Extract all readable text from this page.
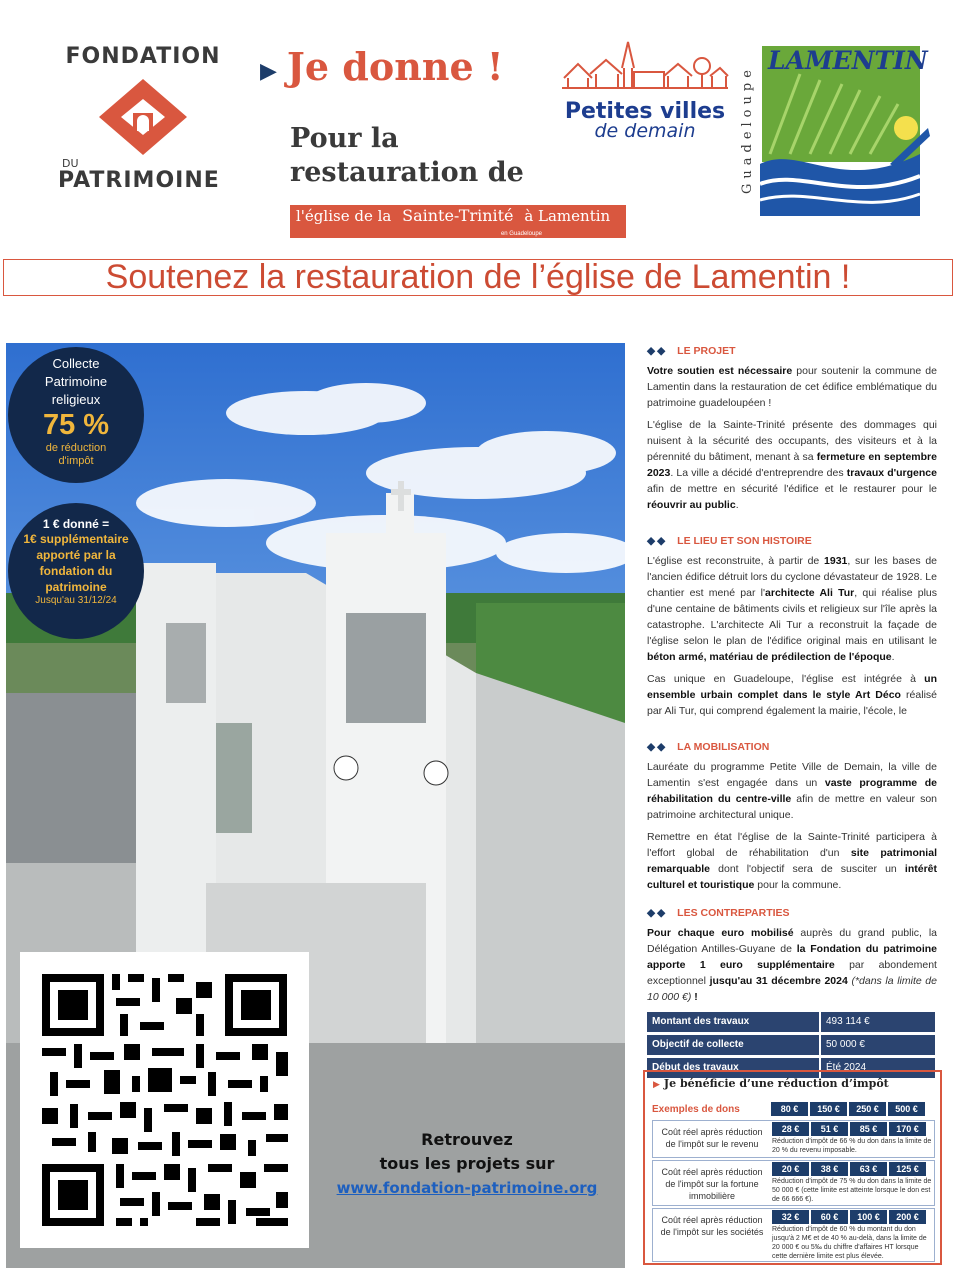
FONDATION
DU
PATRIMOINE
▶ Je donne !
Pour la
restauration de
l'église de la Sainte-Trinité à Lamentin
en Guadeloupe
Petites villes
de demain	Guadeloupe
LAMENTIN
Soutenez la restauration de l’église de Lamentin !
Collecte
Patrimoine
religieux
75 %
de réduction
d'impôt
1 € donné =
1€ supplémentaire
apporté par la
fondation du
patrimoine
Jusqu'au 31/12/24
Retrouvez
tous les projets sur
www.fondation-patrimoine.org
◆◆ LE PROJET

Votre soutien est nécessaire pour soutenir la commune de Lamentin dans la restauration de cet édifice emblématique du patrimoine guadeloupéen !

L'église de la Sainte-Trinité présente des dommages qui nuisent à la sécurité des occupants, des visiteurs et à la pérennité du bâtiment, menant à sa fermeture en septembre 2023. La ville a décidé d'entreprendre des travaux d'urgence afin de mettre en sécurité l'édifice et le restaurer pour le réouvrir au public.

◆◆ LE LIEU ET SON HISTOIRE

L'église est reconstruite, à partir de 1931, sur les bases de l'ancien édifice détruit lors du cyclone dévastateur de 1928. Le chantier est mené par l'architecte Ali Tur, qui réalise plus d'une centaine de bâtiments civils et religieux sur l'île après la catastrophe. L'architecte Ali Tur a reconstruit la façade de l'église selon le plan de l'édifice original mais en utilisant le béton armé, matériau de prédilection de l'époque.

Cas unique en Guadeloupe, l'église est intégrée à un ensemble urbain complet dans le style Art Déco réalisé par Ali Tur, qui comprend également la mairie, l'école, le

◆◆ LA MOBILISATION

Lauréate du programme Petite Ville de Demain, la ville de Lamentin s'est engagée dans un vaste programme de réhabilitation du centre-ville afin de mettre en valeur son patrimoine architectural unique.

Remettre en état l'église de la Sainte-Trinité participera à l'effort global de réhabilitation d'un site patrimonial remarquable dont l'objectif sera de susciter un intérêt culturel et touristique pour la commune.

◆◆ LES CONTREPARTIES

Pour chaque euro mobilisé auprès du grand public, la Délégation Antilles-Guyane de la Fondation du patrimoine apporte 1 euro supplémentaire par abondement exceptionnel jusqu'au 31 décembre 2024 (*dans la limite de 10 000 €) !

Montant des travaux	493 114 €
Objectif de collecte	50 000 €
Début des travaux	Été 2024
▶ Je bénéficie d’une réduction d’impôt
Exemples de dons	80 €	150 €	250 €	500 €
Coût réel après réduction de l'impôt sur le revenu
28 €	51 €	85 €	170 €
Réduction d'impôt de 66 % du don dans la limite de 20 % du revenu imposable.
Coût réel après réduction de l'impôt sur la fortune immobilière
20 €	38 €	63 €	125 €
Réduction d'impôt de 75 % du don dans la limite de 50 000 € (cette limite est atteinte lorsque le don est de 66 666 €).
Coût réel après réduction de l'impôt sur les sociétés
32 €	60 €	100 €	200 €
Réduction d'impôt de 60 % du montant du don jusqu'à 2 M€ et de 40 % au-delà, dans la limite de 20 000 € ou 5‰ du chiffre d'affaires HT lorsque cette dernière limite est plus élevée.
